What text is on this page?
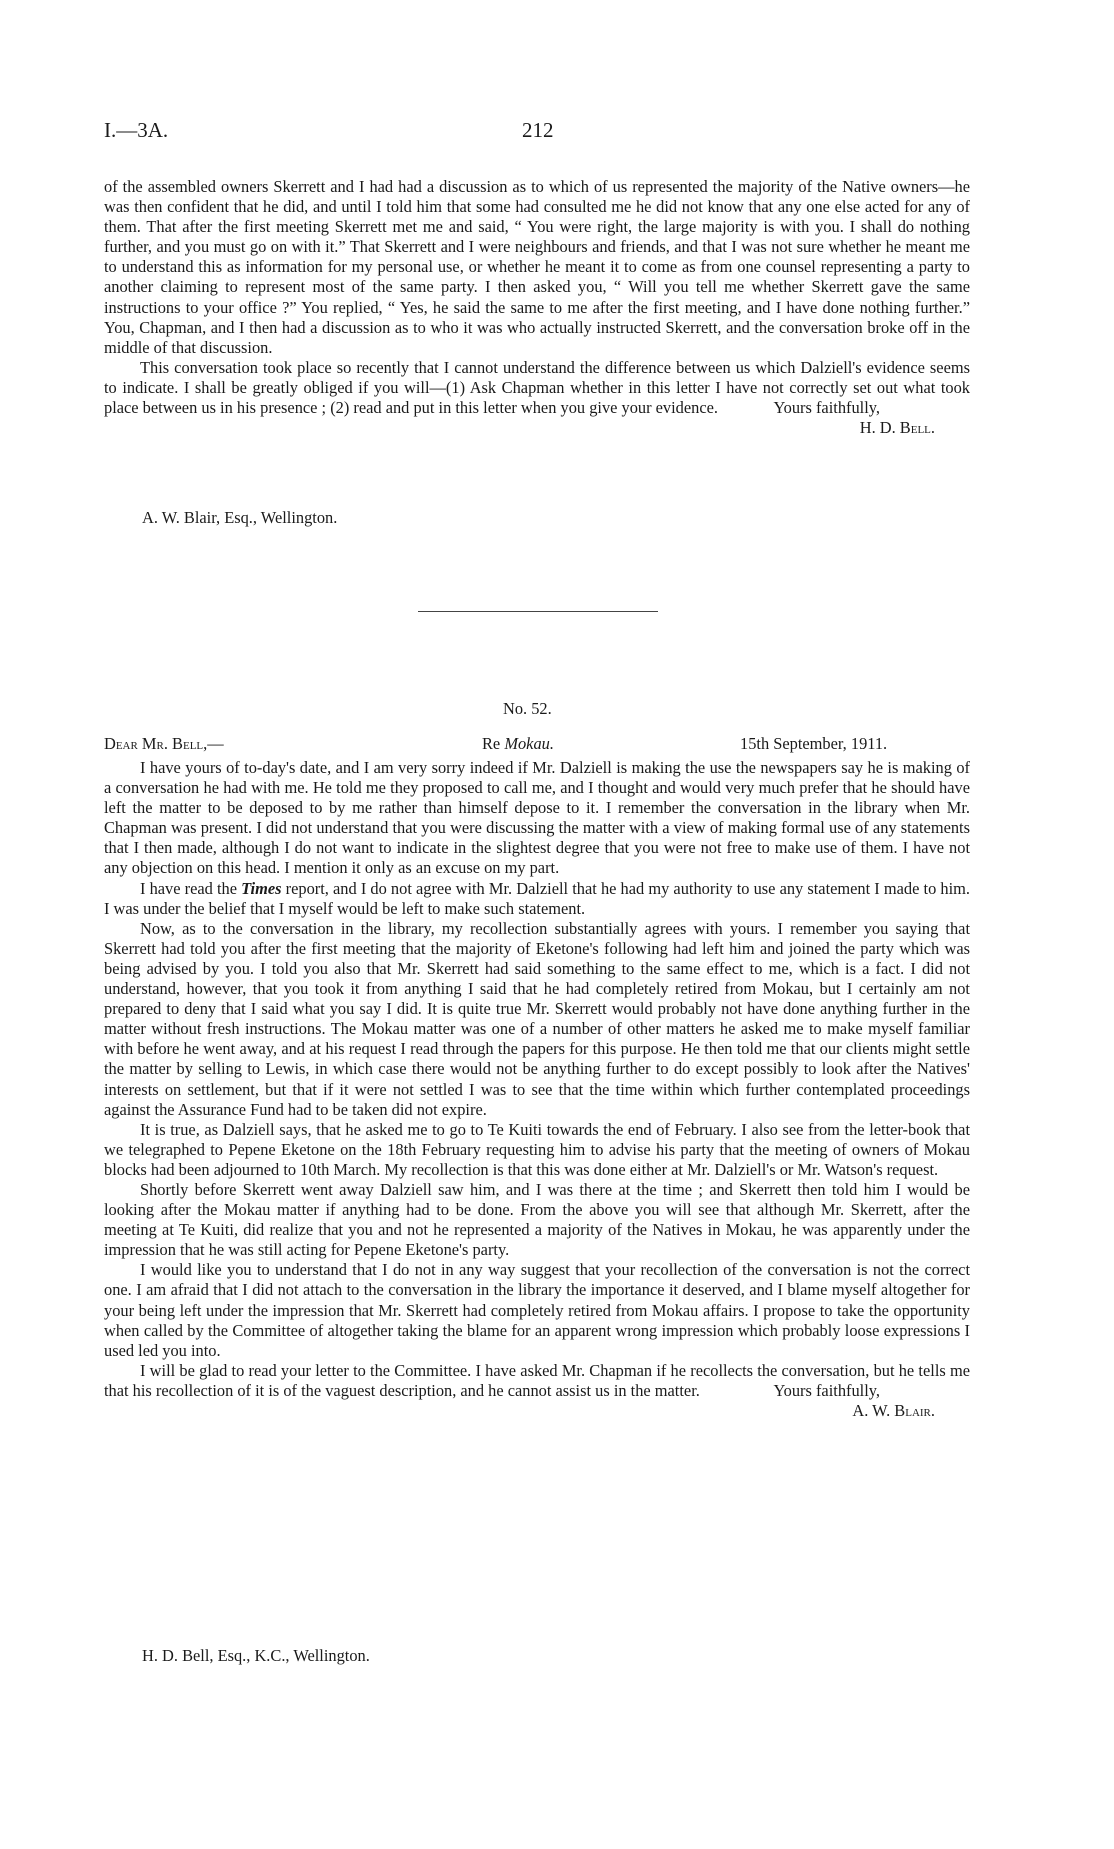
I.—3A.	212

of the assembled owners Skerrett and I had had a discussion as to which of us represented the majority of the Native owners—he was then confident that he did, and until I told him that some had consulted me he did not know that any one else acted for any of them. That after the first meeting Skerrett met me and said, “ You were right, the large majority is with you. I shall do nothing further, and you must go on with it.” That Skerrett and I were neighbours and friends, and that I was not sure whether he meant me to understand this as information for my personal use, or whether he meant it to come as from one counsel representing a party to another claiming to represent most of the same party. I then asked you, “ Will you tell me whether Skerrett gave the same instructions to your office ?” You replied, “ Yes, he said the same to me after the first meeting, and I have done nothing further.” You, Chapman, and I then had a discussion as to who it was who actually instructed Skerrett, and the conversation broke off in the middle of that discussion.

This conversation took place so recently that I cannot understand the difference between us which Dalziell's evidence seems to indicate. I shall be greatly obliged if you will—(1) Ask Chapman whether in this letter I have not correctly set out what took place between us in his presence ; (2) read and put in this letter when you give your evidence.	Yours faithfully,
H. D. Bell.
A. W. Blair, Esq., Wellington.
No. 52.
Dear Mr. Bell,—	Re Mokau.	15th September, 1911.

I have yours of to-day's date, and I am very sorry indeed if Mr. Dalziell is making the use the newspapers say he is making of a conversation he had with me. He told me they proposed to call me, and I thought and would very much prefer that he should have left the matter to be deposed to by me rather than himself depose to it. I remember the conversation in the library when Mr. Chapman was present. I did not understand that you were discussing the matter with a view of making formal use of any statements that I then made, although I do not want to indicate in the slightest degree that you were not free to make use of them. I have not any objection on this head. I mention it only as an excuse on my part.

I have read the Times report, and I do not agree with Mr. Dalziell that he had my authority to use any statement I made to him. I was under the belief that I myself would be left to make such statement.

Now, as to the conversation in the library, my recollection substantially agrees with yours. I remember you saying that Skerrett had told you after the first meeting that the majority of Eketone's following had left him and joined the party which was being advised by you. I told you also that Mr. Skerrett had said something to the same effect to me, which is a fact. I did not understand, however, that you took it from anything I said that he had completely retired from Mokau, but I certainly am not prepared to deny that I said what you say I did. It is quite true Mr. Skerrett would probably not have done anything further in the matter without fresh instructions. The Mokau matter was one of a number of other matters he asked me to make myself familiar with before he went away, and at his request I read through the papers for this purpose. He then told me that our clients might settle the matter by selling to Lewis, in which case there would not be anything further to do except possibly to look after the Natives' interests on settlement, but that if it were not settled I was to see that the time within which further contemplated proceedings against the Assurance Fund had to be taken did not expire.

It is true, as Dalziell says, that he asked me to go to Te Kuiti towards the end of February. I also see from the letter-book that we telegraphed to Pepene Eketone on the 18th February requesting him to advise his party that the meeting of owners of Mokau blocks had been adjourned to 10th March. My recollection is that this was done either at Mr. Dalziell's or Mr. Watson's request.

Shortly before Skerrett went away Dalziell saw him, and I was there at the time ; and Skerrett then told him I would be looking after the Mokau matter if anything had to be done. From the above you will see that although Mr. Skerrett, after the meeting at Te Kuiti, did realize that you and not he represented a majority of the Natives in Mokau, he was apparently under the impression that he was still acting for Pepene Eketone's party.

I would like you to understand that I do not in any way suggest that your recollection of the conversation is not the correct one. I am afraid that I did not attach to the conversation in the library the importance it deserved, and I blame myself altogether for your being left under the impression that Mr. Skerrett had completely retired from Mokau affairs. I propose to take the opportunity when called by the Committee of altogether taking the blame for an apparent wrong impression which probably loose expressions I used led you into.

I will be glad to read your letter to the Committee. I have asked Mr. Chapman if he recollects the conversation, but he tells me that his recollection of it is of the vaguest description, and he cannot assist us in the matter.	Yours faithfully,
A. W. Blair.
H. D. Bell, Esq., K.C., Wellington.
